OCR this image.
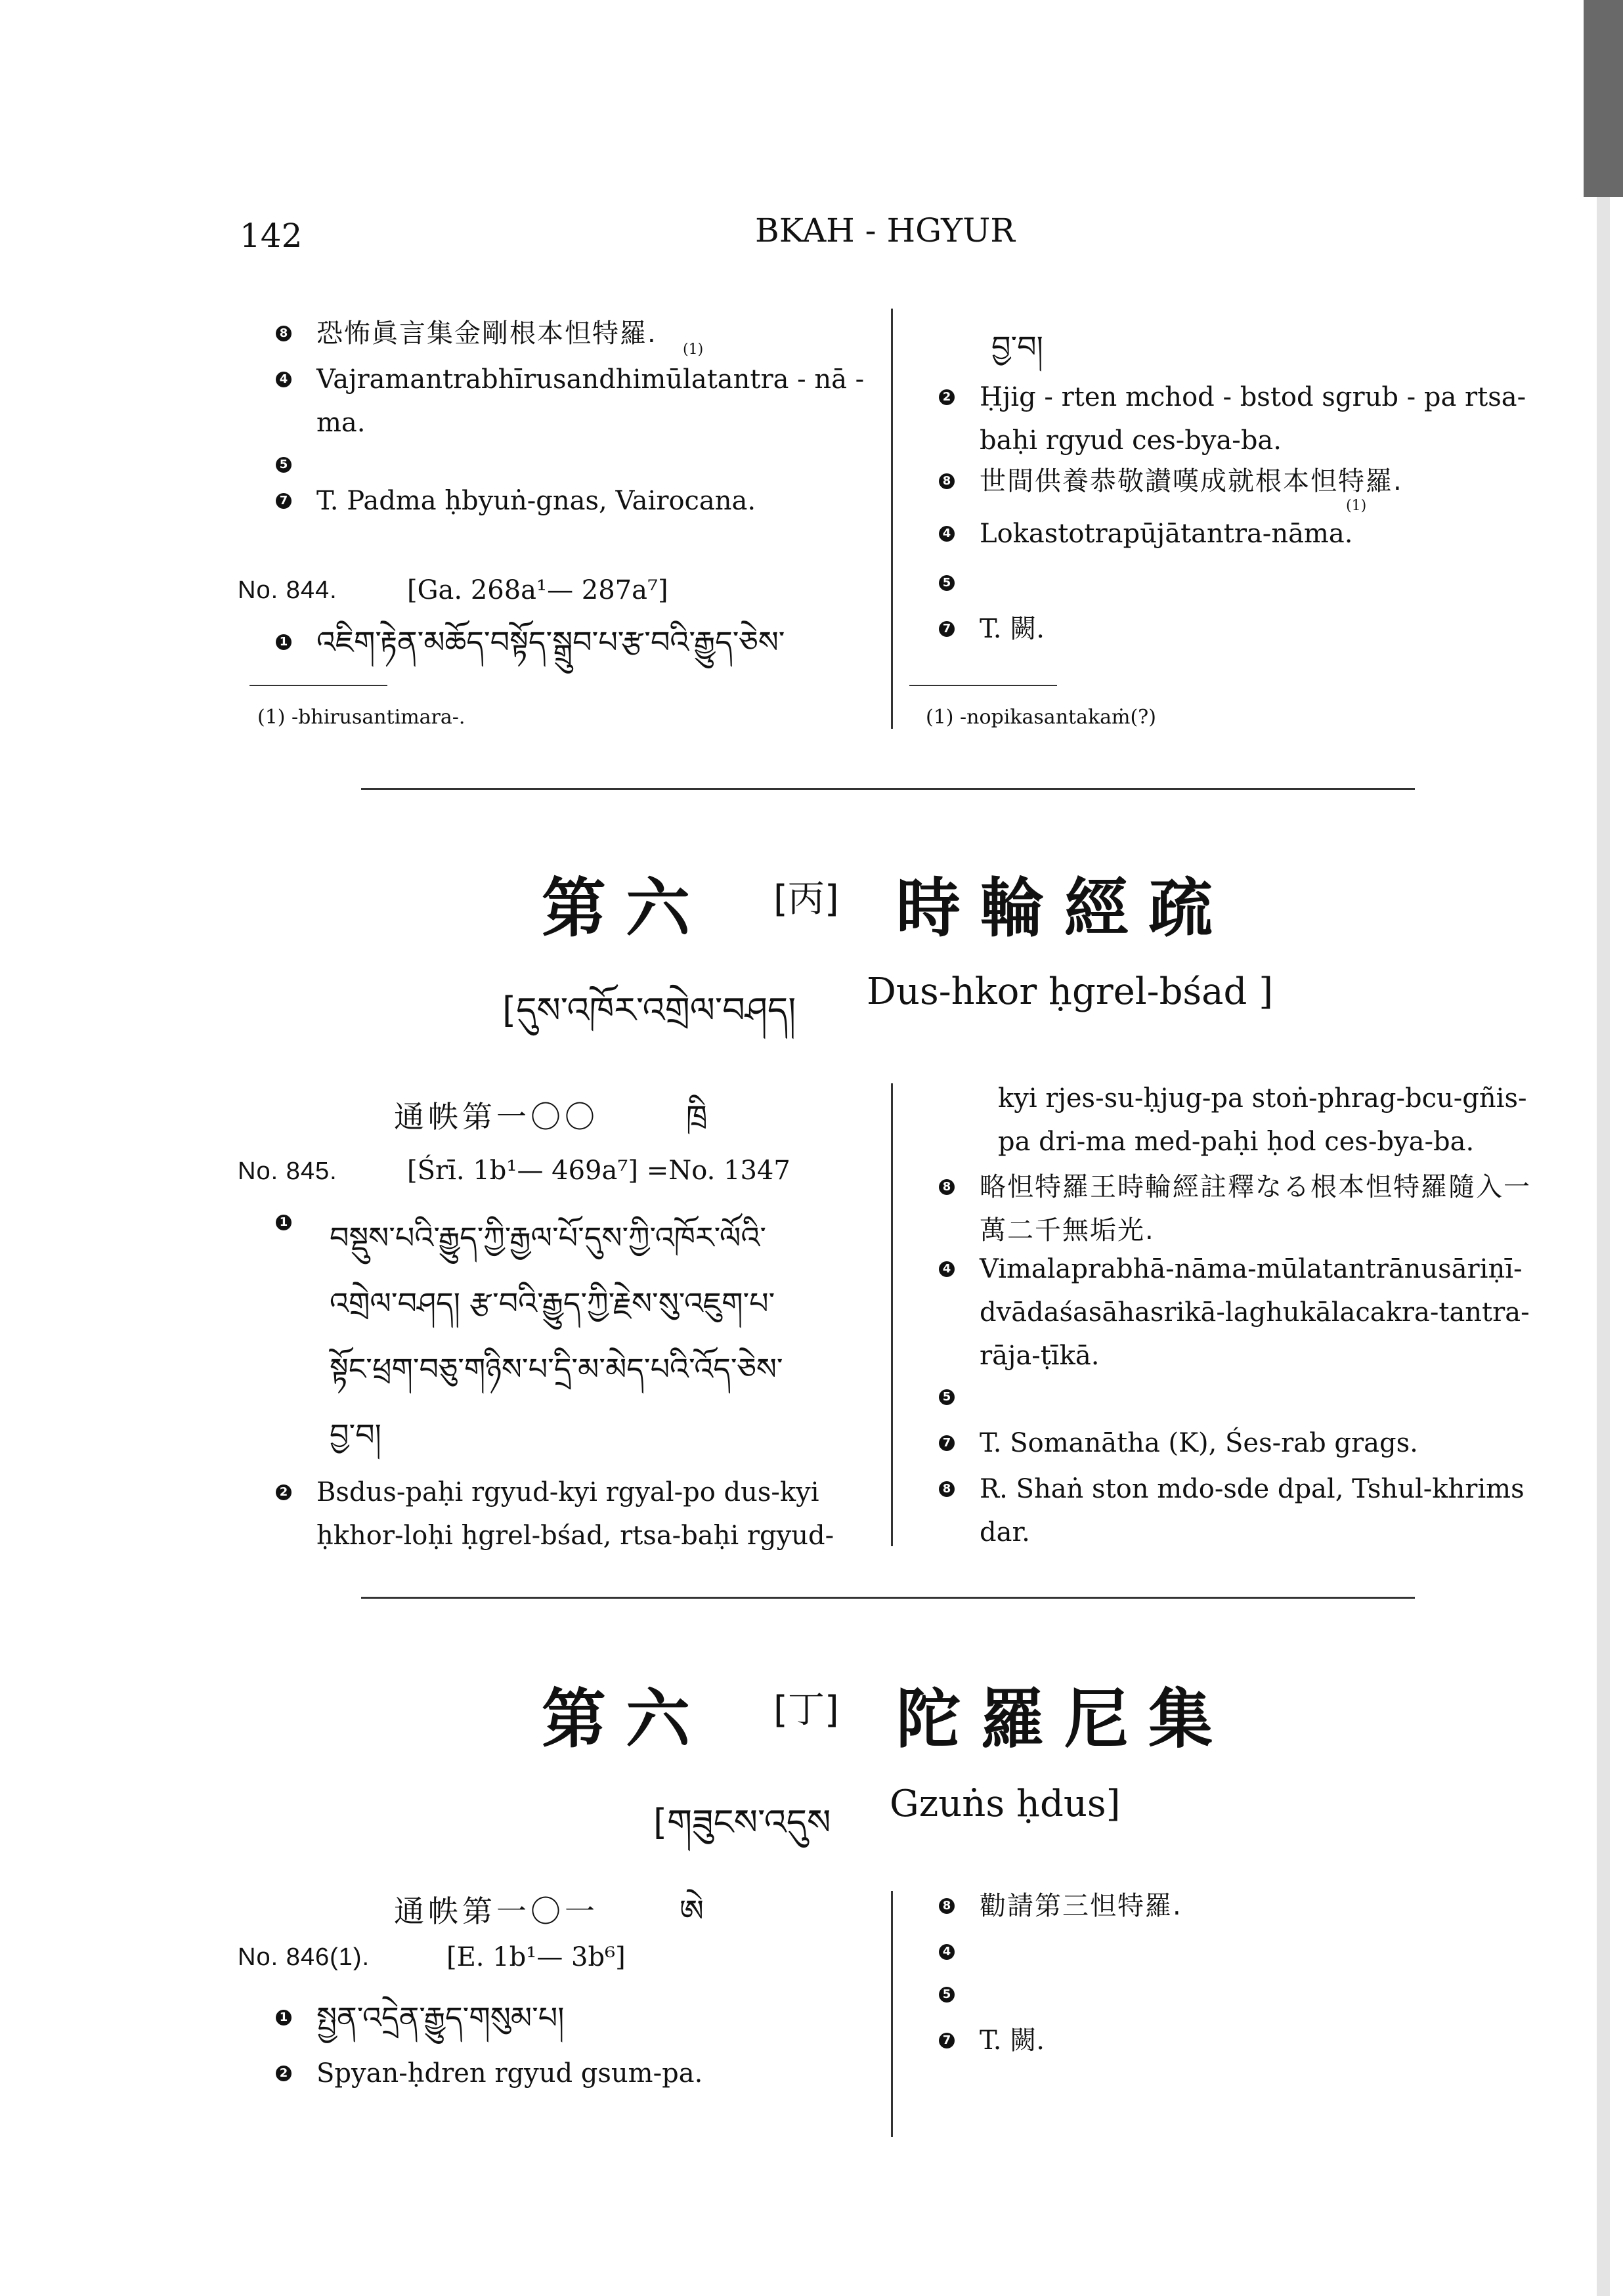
142	BKAH - HGYUR
8 恐怖眞言集金剛根本怛特羅.
(1)
4 Vajramantrabhīrusandhimūlatantra - nā - ma.
5
7 T. Padma ḥbyuṅ-gnas, Vairocana.
No. 844.	[Ga. 268a¹— 287a⁷]
1 འཇིག་རྟེན་མཆོད་བསྟོད་སྒྲུབ་པ་རྩ་བའི་རྒྱུད་ཅེས་
(1) -bhirusantimara-.
བྱ་བ།
2 Ḥjig - rten mchod - bstod sgrub - pa rtsa-baḥi rgyud ces-bya-ba.
8 世間供養恭敬讃嘆成就根本怛特羅.
(1)
4 Lokastotrapūjātantra-nāma.
5
7 T. 闕.
(1) -nopikasantakaṁ(?)
第六 [丙] 時輪經疏
[དུས་འཁོར་འགྲེལ་བཤད། Dus-hkor ḥgrel-bśad ]
通帙第一〇〇	ཁྲི
No. 845.	[Śrī. 1b¹— 469a⁷] =No. 1347
1 བསྡུས་པའི་རྒྱུད་ཀྱི་རྒྱལ་པོ་དུས་ཀྱི་འཁོར་ལོའི་
འགྲེལ་བཤད། རྩ་བའི་རྒྱུད་ཀྱི་རྗེས་སུ་འཇུག་པ་
སྟོང་ཕྲག་བཅུ་གཉིས་པ་དྲི་མ་མེད་པའི་འོད་ཅེས་
བྱ་བ།
2 Bsdus-paḥi rgyud-kyi rgyal-po dus-kyi ḥkhor-loḥi ḥgrel-bśad, rtsa-baḥi rgyud-
kyi rjes-su-ḥjug-pa stoṅ-phrag-bcu-gñis-pa dri-ma med-paḥi ḥod ces-bya-ba.
8 略怛特羅王時輪經註釋なる根本怛特羅隨入一萬二千無垢光.
4 Vimalaprabhā-nāma-mūlatantrānusāriṇī-dvādaśasāhasrikā-laghukālacakra-tantra-rāja-ṭīkā.
5
7 T. Somanātha (K), Śes-rab grags.
8 R. Shaṅ ston mdo-sde dpal, Tshul-khrims dar.
第六 [丁] 陀羅尼集
[གཟུངས་འདུས Gzuṅs ḥdus]
通帙第一〇一	ཨེ
No. 846(1).	[E. 1b¹— 3b⁶]
1 སྤྱན་འདྲེན་རྒྱུད་གསུམ་པ།
2 Spyan-ḥdren rgyud gsum-pa.
8 勸請第三怛特羅.
4
5
7 T. 闕.
